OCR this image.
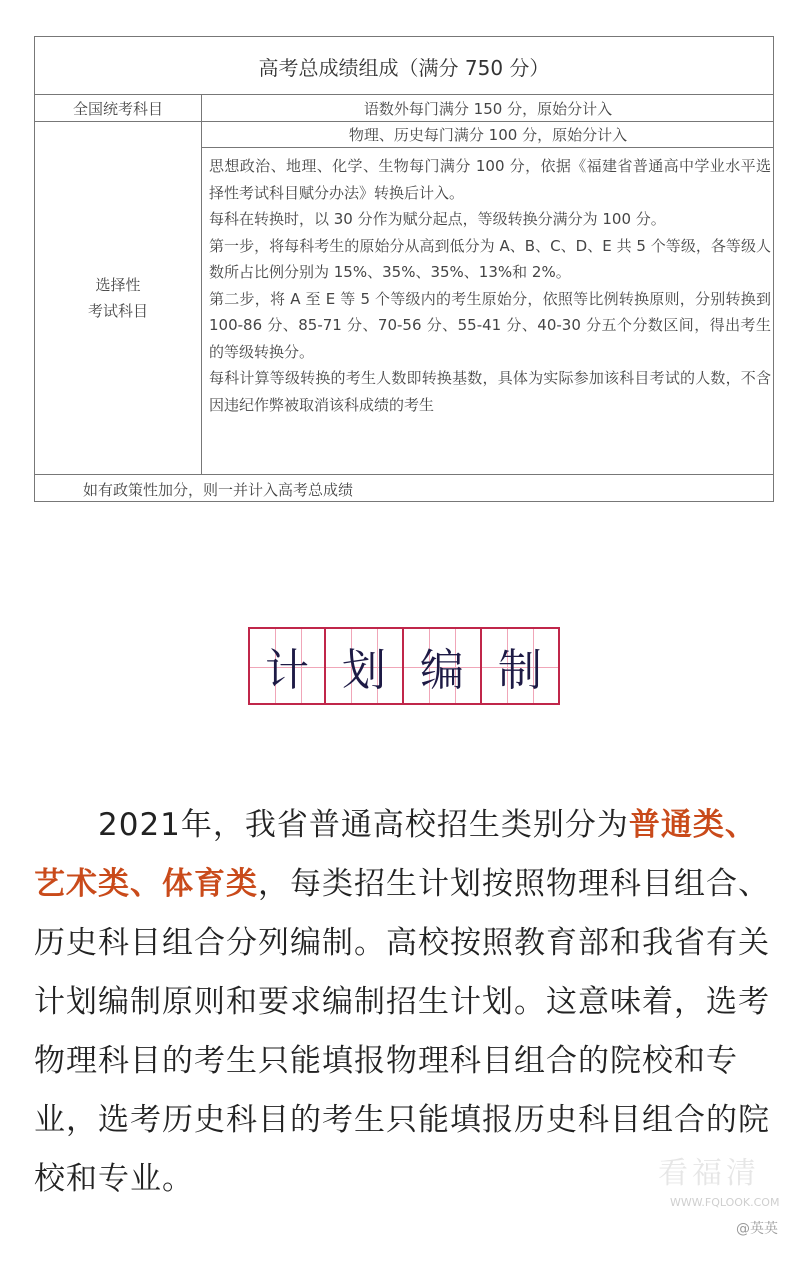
高考总成绩组成（满分 750 分）
全国统考科目	语数外每门满分 150 分，原始分计入
选择性
考试科目
物理、历史每门满分 100 分，原始分计入

思想政治、地理、化学、生物每门满分 100 分，依据《福建省普通高中学业水平选择性考试科目赋分办法》转换后计入。

每科在转换时，以 30 分作为赋分起点，等级转换分满分为 100 分。

第一步，将每科考生的原始分从高到低分为 A、B、C、D、E 共 5 个等级，各等级人数所占比例分别为 15%、35%、35%、13%和 2%。

第二步，将 A 至 E 等 5 个等级内的考生原始分，依照等比例转换原则，分别转换到 100-86 分、85-71 分、70-56 分、55-41 分、40-30 分五个分数区间，得出考生的等级转换分。

每科计算等级转换的考生人数即转换基数，具体为实际参加该科目考试的人数，不含因违纪作弊被取消该科成绩的考生

如有政策性加分，则一并计入高考总成绩
计 划 编 制
2021年，我省普通高校招生类别分为普通类、艺术类、体育类，每类招生计划按照物理科目组合、历史科目组合分列编制。高校按照教育部和我省有关计划编制原则和要求编制招生计划。这意味着，选考物理科目的考生只能填报物理科目组合的院校和专业，选考历史科目的考生只能填报历史科目组合的院校和专业。	看福清
WWW.FQLOOK.COM
@英英
